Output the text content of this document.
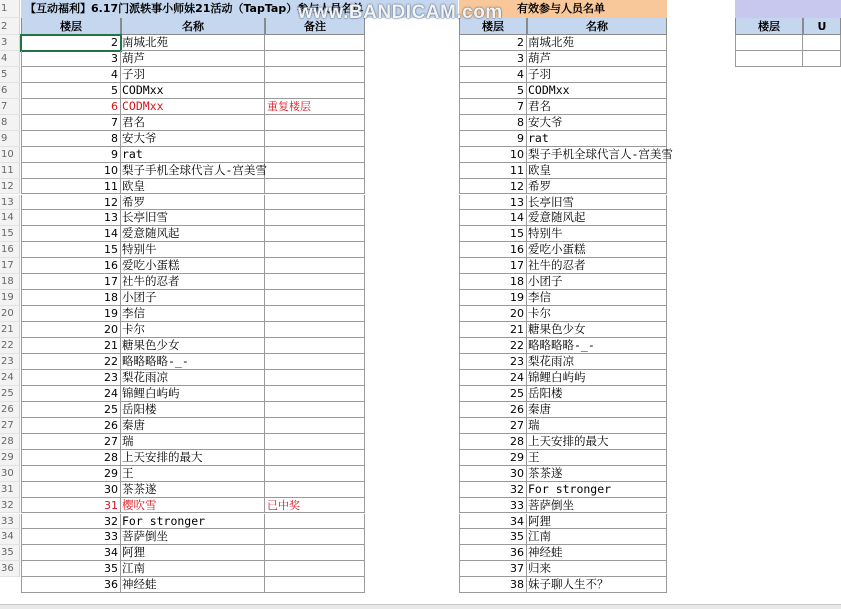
1
2
3
4
5
6
7
8
9
10
11
12
13
14
15
16
17
18
19
20
21
22
23
24
25
26
27
28
29
30
31
32
33
34
35
36
【互动福利】6.17门派轶事小师妹21活动（TapTap）参与人员名单	有效参与人员名单
楼层	名称	备注	楼层	名称	楼层	U
2 南城北苑
3 葫芦
4 子羽
5 CODMxx
6 CODMxx	重复楼层
7 君名
8 安大爷
9 rat
10 梨子手机全球代言人-宫美雪
11 欧皇
12 希罗
13 长亭旧雪
14 爱意随风起
15 特别牛
16 爱吃小蛋糕
17 社牛的忍者
18 小团子
19 李信
20 卡尔
21 糖果色少女
22 略略略略-_-
23 梨花雨凉
24 锦鲤白屿屿
25 岳阳楼
26 秦唐
27 瑞
28 上天安排的最大
29 王
30 茶茶遂
31 樱吹雪	已中奖
32 For stronger
33 菩萨倒坐
34 阿狸
35 江南
36 神经蛙
2 南城北苑
3 葫芦
4 子羽
5 CODMxx
7 君名
8 安大爷
9 rat
10 梨子手机全球代言人-宫美雪
11 欧皇
12 希罗
13 长亭旧雪
14 爱意随风起
15 特别牛
16 爱吃小蛋糕
17 社牛的忍者
18 小团子
19 李信
20 卡尔
21 糖果色少女
22 略略略略-_-
23 梨花雨凉
24 锦鲤白屿屿
25 岳阳楼
26 秦唐
27 瑞
28 上天安排的最大
29 王
30 茶茶遂
32 For stronger
33 菩萨倒坐
34 阿狸
35 江南
36 神经蛙
37 归来
38 妹子聊人生不？
www.BANDICAM.com
